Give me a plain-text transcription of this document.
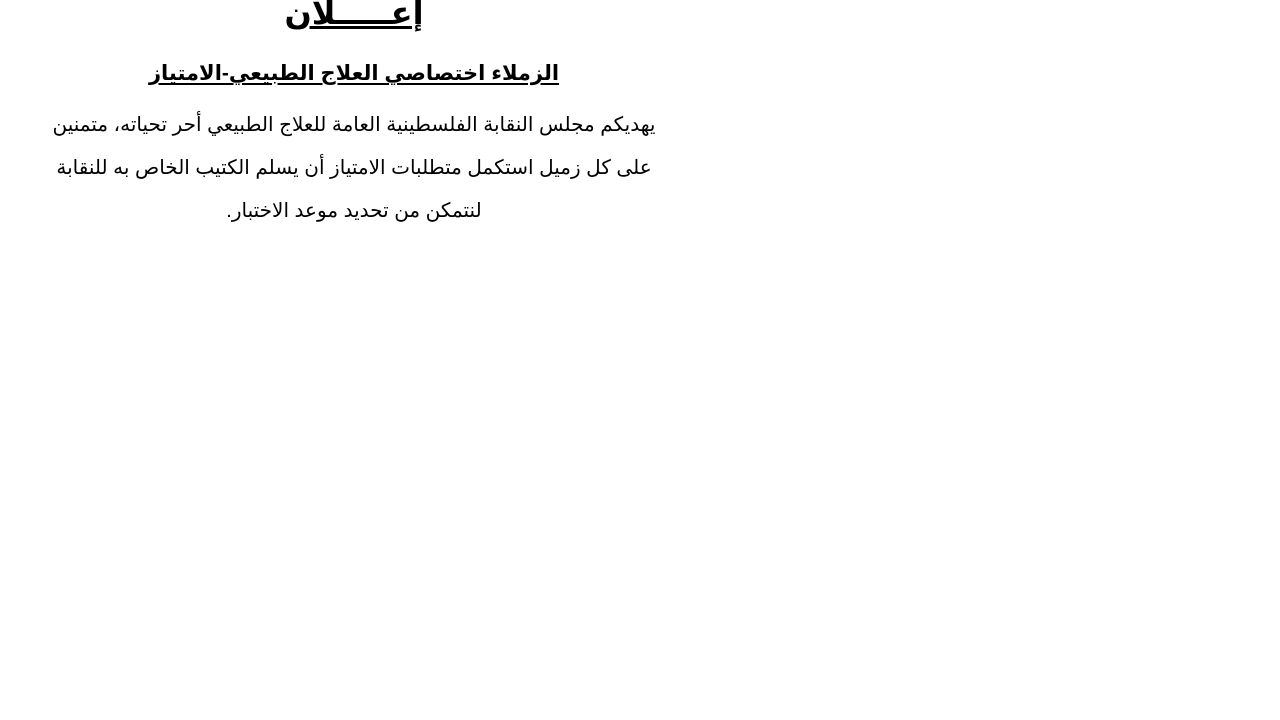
إعـــــلان
الزملاء اختصاصي العلاج الطبيعي-الامتياز

يهديكم مجلس النقابة الفلسطينية العامة للعلاج الطبيعي أحر تحياته، متمنين على كل زميل استكمل متطلبات الامتياز أن يسلم الكتيب الخاص به للنقابة لنتمكن من تحديد موعد الاختبار.
